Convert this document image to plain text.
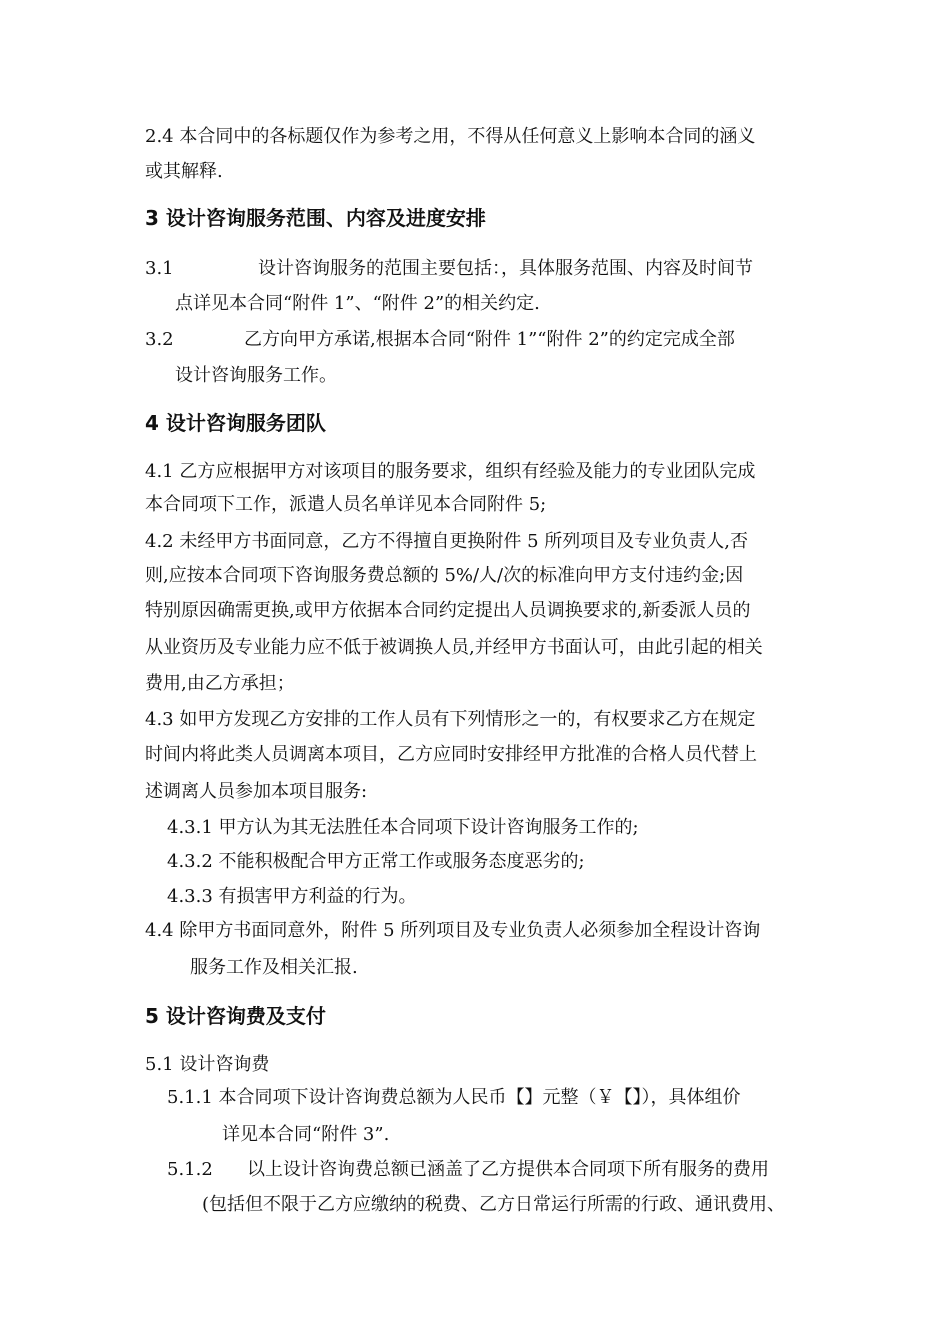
2.4 本合同中的各标题仅作为参考之用，不得从任何意义上影响本合同的涵义
或其解释.
3 设计咨询服务范围、内容及进度安排
3.1	设计咨询服务的范围主要包括：，具体服务范围、内容及时间节
点详见本合同“附件 1”、“附件 2”的相关约定.
3.2	乙方向甲方承诺,根据本合同“附件 1”“附件 2”的约定完成全部
设计咨询服务工作。
4 设计咨询服务团队
4.1 乙方应根据甲方对该项目的服务要求，组织有经验及能力的专业团队完成
本合同项下工作，派遣人员名单详见本合同附件 5;
4.2 未经甲方书面同意，乙方不得擅自更换附件 5 所列项目及专业负责人,否
则,应按本合同项下咨询服务费总额的 5%/人/次的标准向甲方支付违约金;因
特别原因确需更换,或甲方依据本合同约定提出人员调换要求的,新委派人员的
从业资历及专业能力应不低于被调换人员,并经甲方书面认可，由此引起的相关
费用,由乙方承担；
4.3 如甲方发现乙方安排的工作人员有下列情形之一的，有权要求乙方在规定
时间内将此类人员调离本项目，乙方应同时安排经甲方批准的合格人员代替上
述调离人员参加本项目服务:
4.3.1 甲方认为其无法胜任本合同项下设计咨询服务工作的;
4.3.2 不能积极配合甲方正常工作或服务态度恶劣的;
4.3.3 有损害甲方利益的行为。
4.4 除甲方书面同意外，附件 5 所列项目及专业负责人必须参加全程设计咨询
服务工作及相关汇报.
5 设计咨询费及支付
5.1 设计咨询费
5.1.1 本合同项下设计咨询费总额为人民币【】元整（￥【】），具体组价
详见本合同“附件 3”.
5.1.2 以上设计咨询费总额已涵盖了乙方提供本合同项下所有服务的费用
(包括但不限于乙方应缴纳的税费、乙方日常运行所需的行政、通讯费用、
